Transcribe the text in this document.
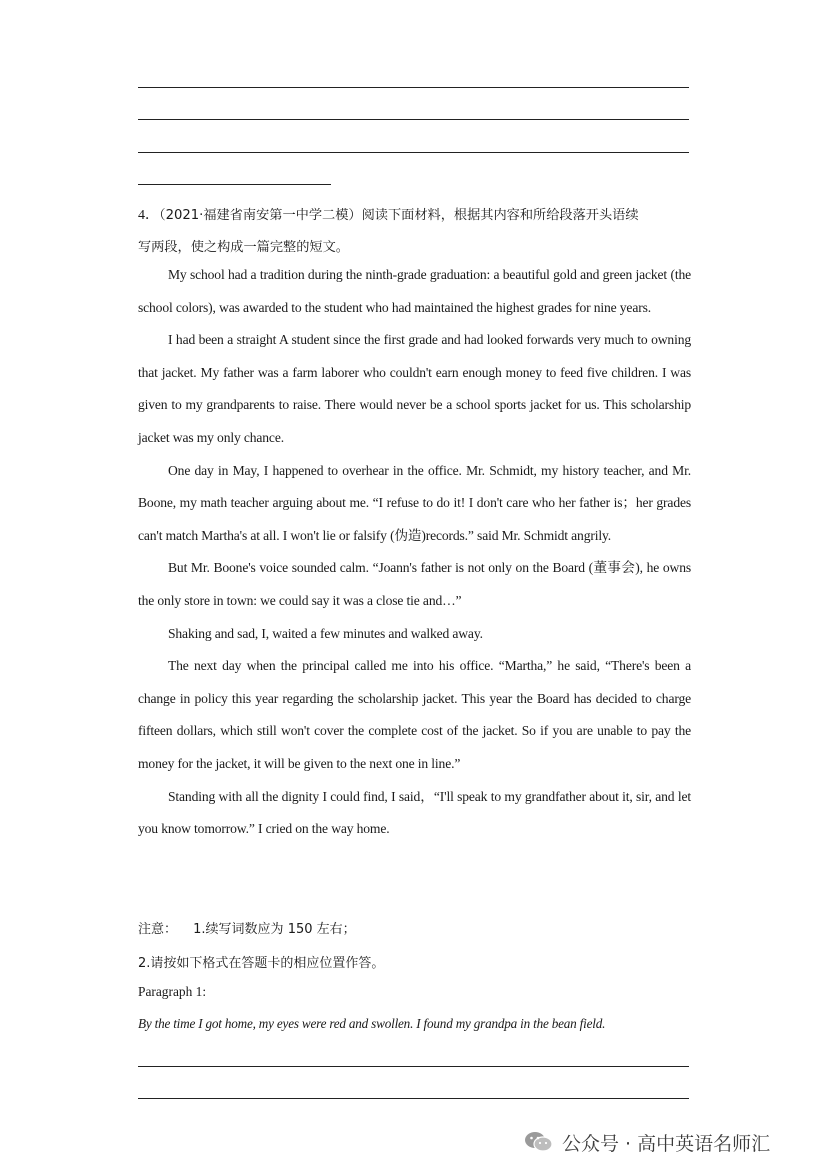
4．（2021·福建省南安第一中学二模）阅读下面材料，根据其内容和所给段落开头语续
写两段，使之构成一篇完整的短文。

My school had a tradition during the ninth-grade graduation: a beautiful gold and green jacket (the school colors), was awarded to the student who had maintained the highest grades for nine years.

I had been a straight A student since the first grade and had looked forwards very much to owning that jacket. My father was a farm laborer who couldn't earn enough money to feed five children. I was given to my grandparents to raise. There would never be a school sports jacket for us. This scholarship jacket was my only chance.

One day in May, I happened to overhear in the office. Mr. Schmidt, my history teacher, and Mr. Boone, my math teacher arguing about me. “I refuse to do it! I don't care who her father is；her grades can't match Martha's at all. I won't lie or falsify (伪造)records.” said Mr. Schmidt angrily.

But Mr. Boone's voice sounded calm. “Joann's father is not only on the Board (董事会), he owns the only store in town: we could say it was a close tie and…”

Shaking and sad, I, waited a few minutes and walked away.

The next day when the principal called me into his office. “Martha,” he said, “There's been a change in policy this year regarding the scholarship jacket. This year the Board has decided to charge fifteen dollars, which still won't cover the complete cost of the jacket. So if you are unable to pay the money for the jacket, it will be given to the next one in line.”

Standing with all the dignity I could find, I said，“I'll speak to my grandfather about it, sir, and let you know tomorrow.” I cried on the way home.

注意： 1.续写词数应为 150 左右；
2.请按如下格式在答题卡的相应位置作答。
Paragraph 1:
By the time I got home, my eyes were red and swollen. I found my grandpa in the bean field.
公众号 · 高中英语名师汇
